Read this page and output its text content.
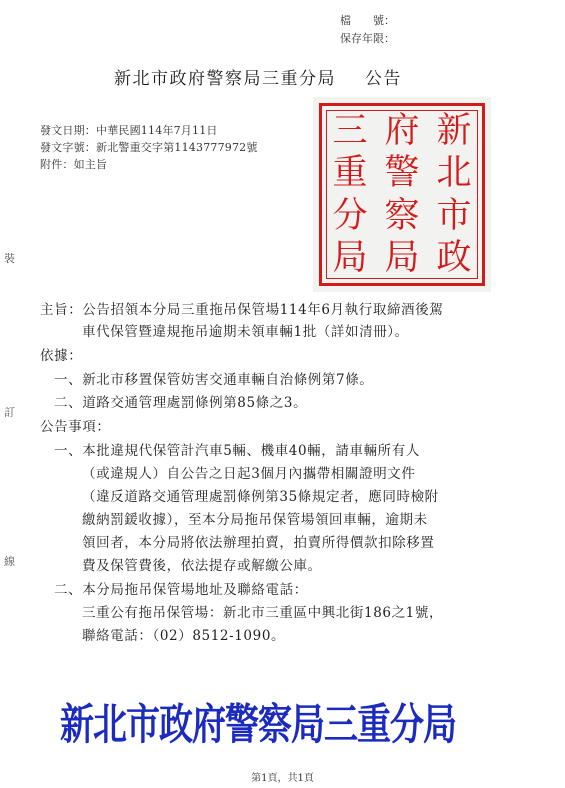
檔　　號：
保存年限：
新北市政府警察局三重分局 公告
發文日期：中華民國114年7月11日
發文字號：新北警重交字第1143777972號
附件：如主旨
裝
訂
線
新
北
市
政
府
警
察
局
三
重
分
局
主旨：公告招領本分局三重拖吊保管場114年6月執行取締酒後駕
車代保管暨違規拖吊逾期未領車輛1批（詳如清冊）。
依據：
一、新北市移置保管妨害交通車輛自治條例第7條。
二、道路交通管理處罰條例第85條之3。
公告事項：
一、本批違規代保管計汽車5輛、機車40輛，請車輛所有人
（或違規人）自公告之日起3個月內攜帶相關證明文件
（違反道路交通管理處罰條例第35條規定者，應同時檢附
繳納罰鍰收據），至本分局拖吊保管場領回車輛，逾期未
領回者，本分局將依法辦理拍賣，拍賣所得價款扣除移置
費及保管費後，依法提存或解繳公庫。
二、本分局拖吊保管場地址及聯絡電話：
三重公有拖吊保管場：新北市三重區中興北街186之1號，
聯絡電話：（02）8512-1090。
新北市政府警察局三重分局
第1頁，共1頁
